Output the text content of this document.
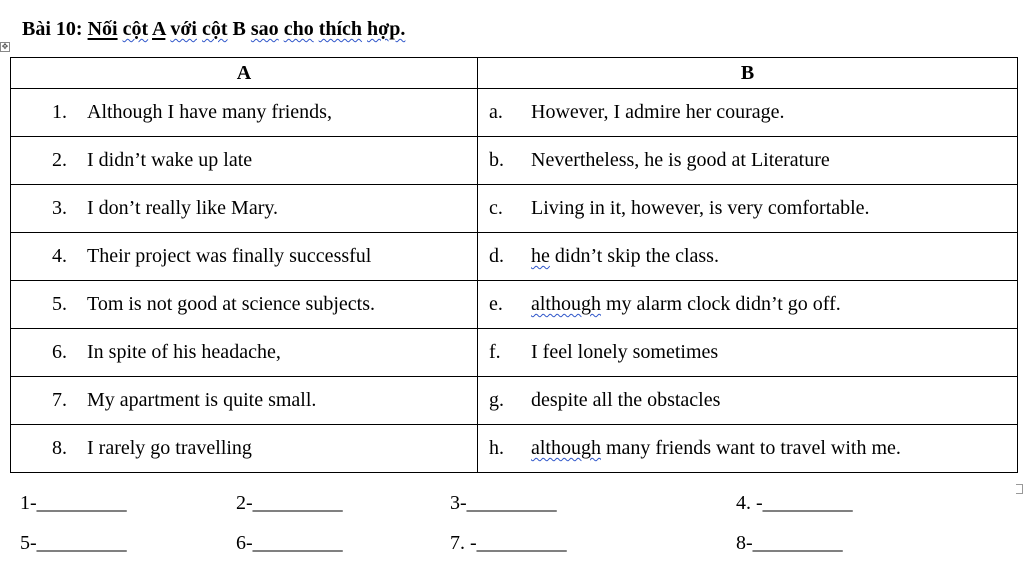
Bài 10: Nối cột A với cột B sao cho thích hợp.
✥
A	B

1. Although I have many friends,	a. However, I admire her courage.

2. I didn’t wake up late	b. Nevertheless, he is good at Literature

3. I don’t really like Mary.	c. Living in it, however, is very comfortable.

4. Their project was finally successful	d. he didn’t skip the class.

5. Tom is not good at science subjects.	e. although my alarm clock didn’t go off.

6. In spite of his headache,	f. I feel lonely sometimes

7. My apartment is quite small.	g. despite all the obstacles

8. I rarely go travelling	h. although many friends want to travel with me.
1-_________	2-_________	3-_________	4. -_________
5-_________	6-_________	7. -_________	8-_________
